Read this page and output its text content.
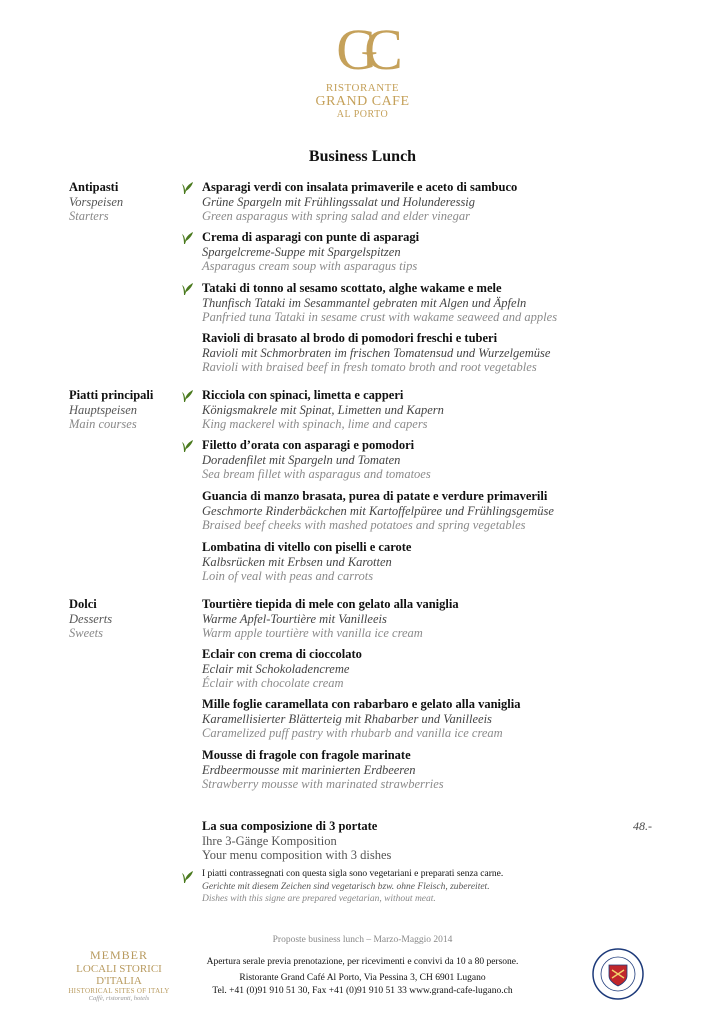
GC
RISTORANTE
GRAND CAFE
AL PORTO
Business Lunch
Antipasti
Vorspeisen
Starters
Piatti principali
Hauptspeisen
Main courses
Dolci
Desserts
Sweets
Asparagi verdi con insalata primaverile e aceto di sambuco
Grüne Spargeln mit Frühlingssalat und Holunderessig
Green asparagus with spring salad and elder vinegar
Crema di asparagi con punte di asparagi
Spargelcreme-Suppe mit Spargelspitzen
Asparagus cream soup with asparagus tips
Tataki di tonno al sesamo scottato, alghe wakame e mele
Thunfisch Tataki im Sesammantel gebraten mit Algen und Äpfeln
Panfried tuna Tataki in sesame crust with wakame seaweed and apples
Ravioli di brasato al brodo di pomodori freschi e tuberi
Ravioli mit Schmorbraten im frischen Tomatensud und Wurzelgemüse
Ravioli with braised beef in fresh tomato broth and root vegetables
Ricciola con spinaci, limetta e capperi
Königsmakrele mit Spinat, Limetten und Kapern
King mackerel with spinach, lime and capers
Filetto d’orata con asparagi e pomodori
Doradenfilet mit Spargeln und Tomaten
Sea bream fillet with asparagus and tomatoes
Guancia di manzo brasata, purea di patate e verdure primaverili
Geschmorte Rinderbäckchen mit Kartoffelpüree und Frühlingsgemüse
Braised beef cheeks with mashed potatoes and spring vegetables
Lombatina di vitello con piselli e carote
Kalbsrücken mit Erbsen und Karotten
Loin of veal with peas and carrots
Tourtière tiepida di mele con gelato alla vaniglia
Warme Apfel-Tourtière mit Vanilleeis
Warm apple tourtière with vanilla ice cream
Eclair con crema di cioccolato
Eclair mit Schokoladencreme
Éclair with chocolate cream
Mille foglie caramellata con rabarbaro e gelato alla vaniglia
Karamellisierter Blätterteig mit Rhabarber und Vanilleeis
Caramelized puff pastry with rhubarb and vanilla ice cream
Mousse di fragole con fragole marinate
Erdbeermousse mit marinierten Erdbeeren
Strawberry mousse with marinated strawberries
La sua composizione di 3 portate
Ihre 3-Gänge Komposition
Your menu composition with 3 dishes
48.-
I piatti contrassegnati con questa sigla sono vegetariani e preparati senza carne.
Gerichte mit diesem Zeichen sind vegetarisch bzw. ohne Fleisch, zubereitet.
Dishes with this signe are prepared vegetarian, without meat.
Proposte business lunch – Marzo-Maggio 2014
Apertura serale previa prenotazione, per ricevimenti e convivi da 10 a 80 persone.
Ristorante Grand Café Al Porto, Via Pessina 3, CH 6901 Lugano
Tel. +41 (0)91 910 51 30, Fax +41 (0)91 910 51 33 www.grand-cafe-lugano.ch
MEMBER
LOCALI STORICI D'ITALIA
HISTORICAL SITES OF ITALY
Caffè, ristoranti, hotels
